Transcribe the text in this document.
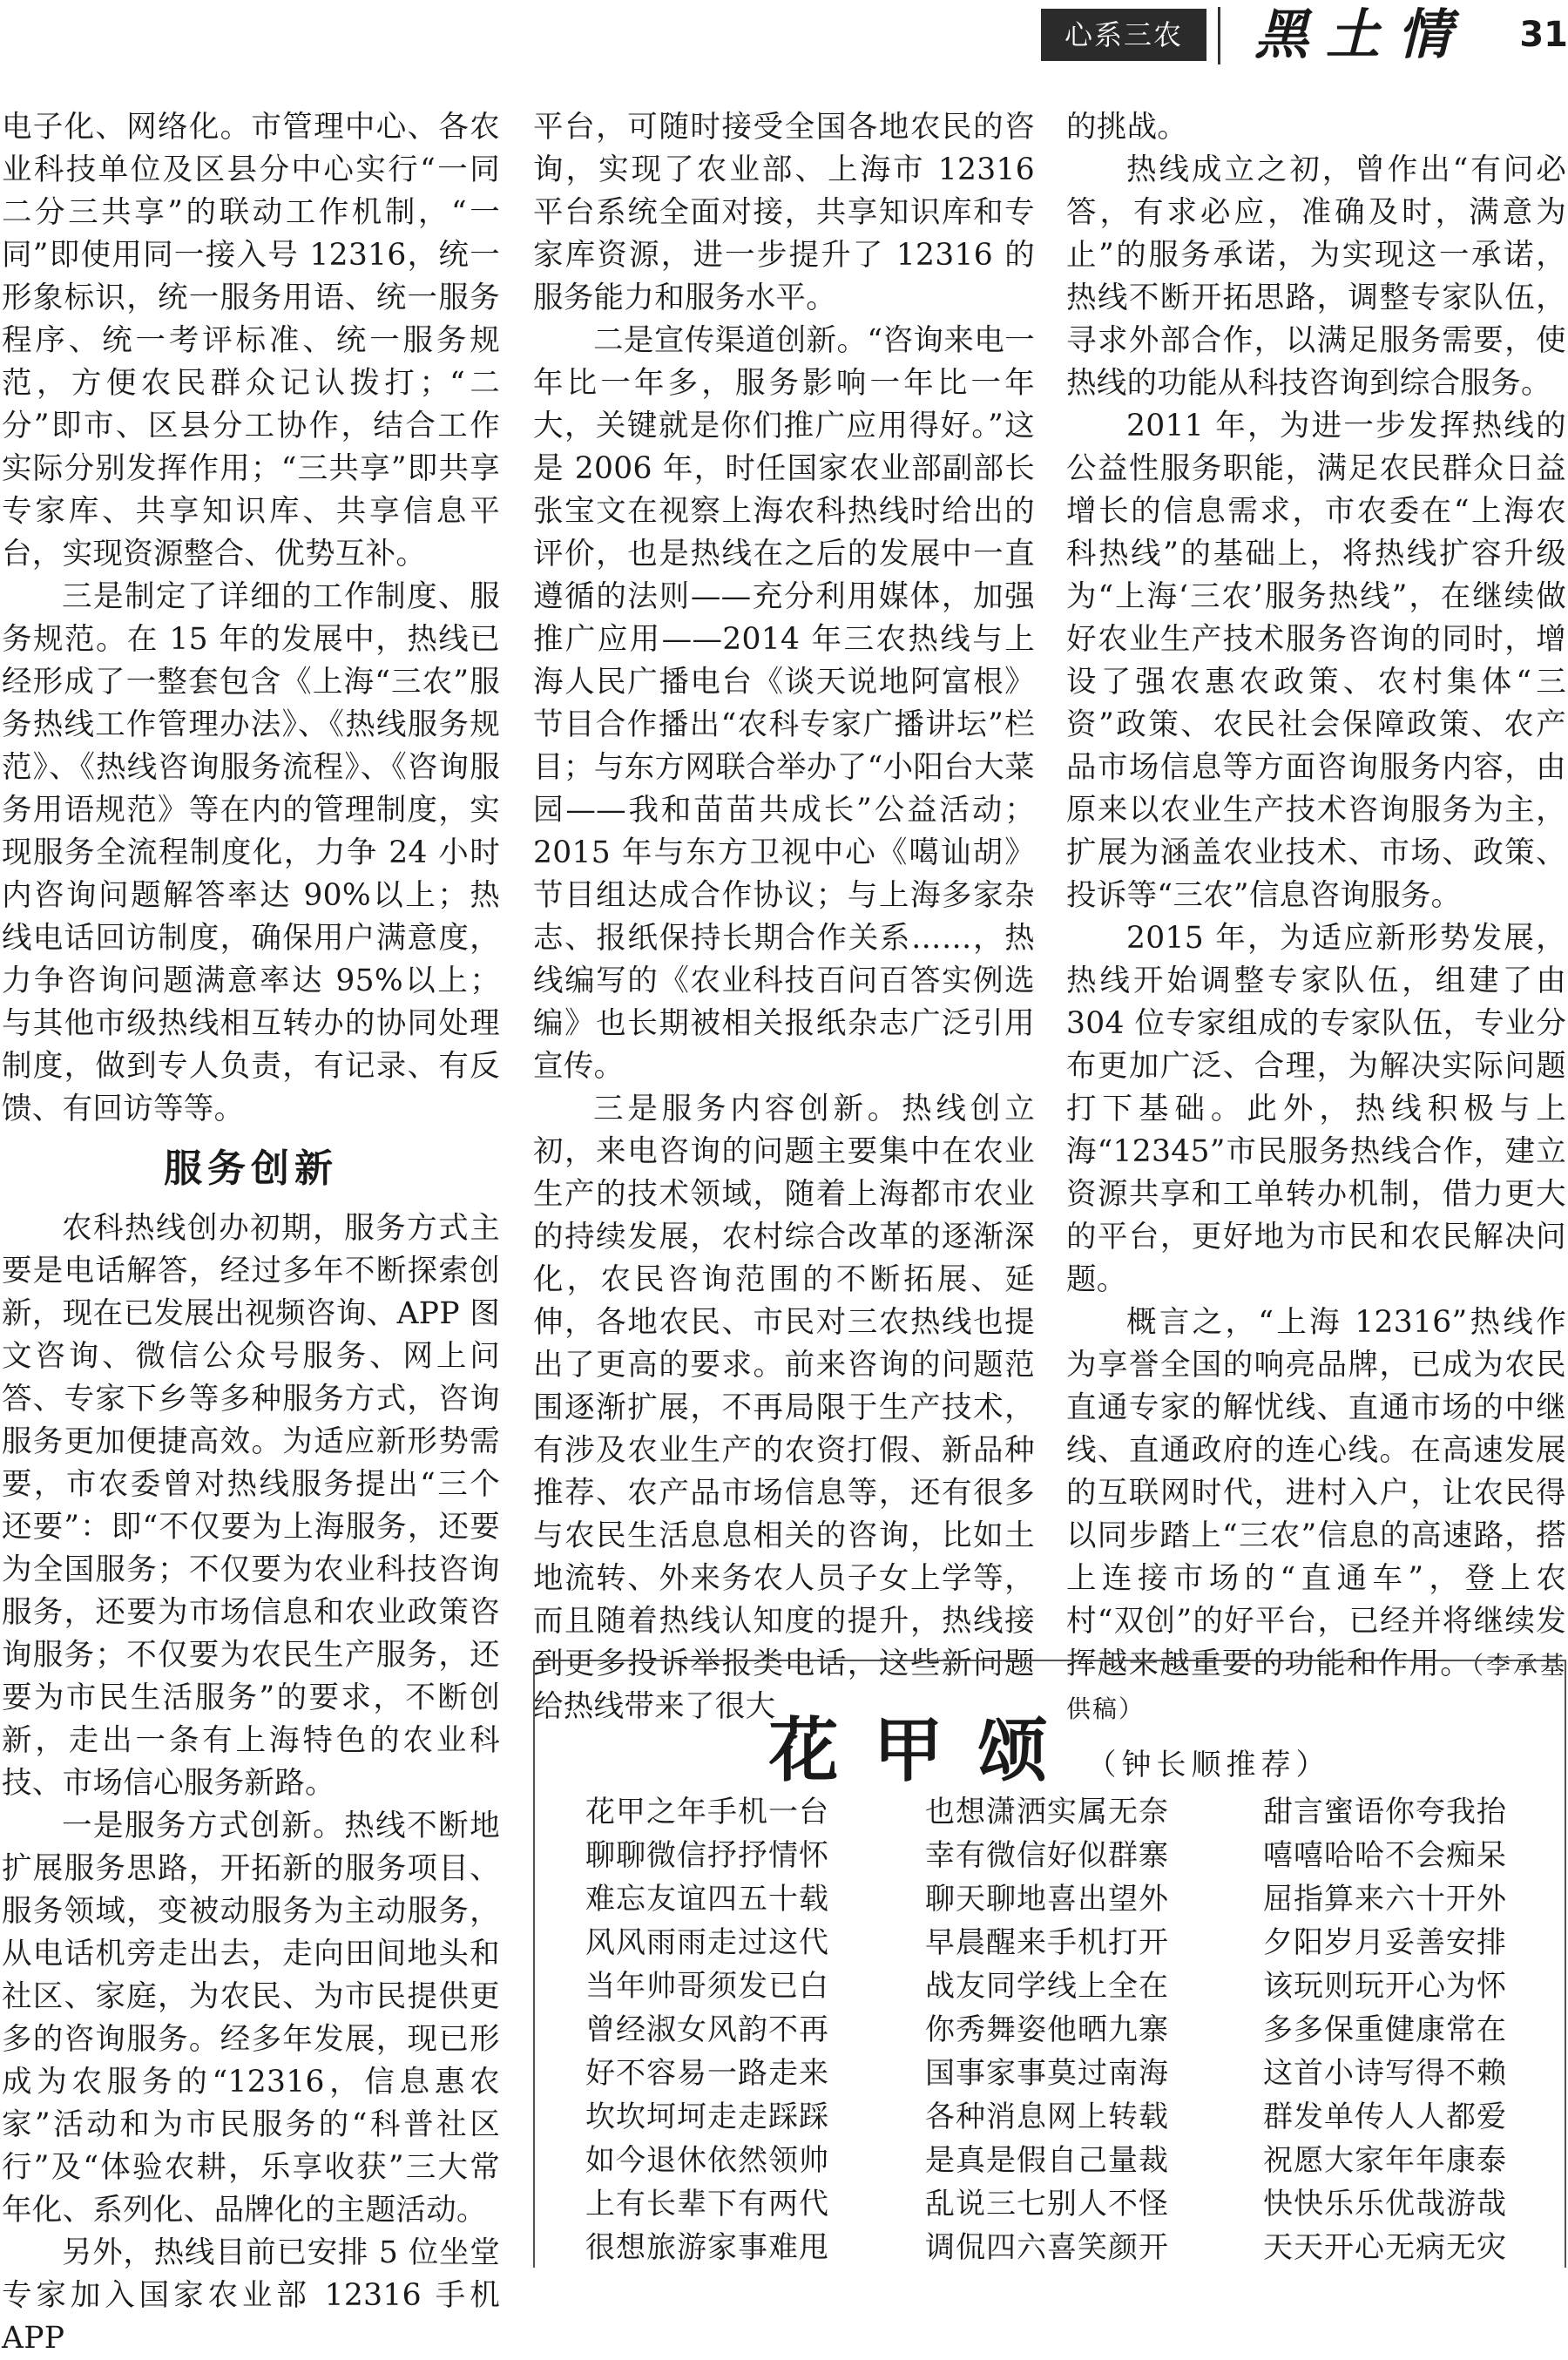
心系三农	黑土情 31

电子化、网络化。市管理中心、各农业科技单位及区县分中心实行“一同二分三共享”的联动工作机制，“一同”即使用同一接入号 12316，统一形象标识，统一服务用语、统一服务程序、统一考评标准、统一服务规范，方便农民群众记认拨打；“二分”即市、区县分工协作，结合工作实际分别发挥作用；“三共享”即共享专家库、共享知识库、共享信息平台，实现资源整合、优势互补。

三是制定了详细的工作制度、服务规范。在 15 年的发展中，热线已经形成了一整套包含《上海“三农”服务热线工作管理办法》、《热线服务规范》、《热线咨询服务流程》、《咨询服务用语规范》等在内的管理制度，实现服务全流程制度化，力争 24 小时内咨询问题解答率达 90%以上；热线电话回访制度，确保用户满意度，力争咨询问题满意率达 95%以上；与其他市级热线相互转办的协同处理制度，做到专人负责，有记录、有反馈、有回访等等。

服务创新

农科热线创办初期，服务方式主要是电话解答，经过多年不断探索创新，现在已发展出视频咨询、APP 图文咨询、微信公众号服务、网上问答、专家下乡等多种服务方式，咨询服务更加便捷高效。为适应新形势需要，市农委曾对热线服务提出“三个还要”：即“不仅要为上海服务，还要为全国服务；不仅要为农业科技咨询服务，还要为市场信息和农业政策咨询服务；不仅要为农民生产服务，还要为市民生活服务”的要求，不断创新，走出一条有上海特色的农业科技、市场信心服务新路。

一是服务方式创新。热线不断地扩展服务思路，开拓新的服务项目、服务领域，变被动服务为主动服务，从电话机旁走出去，走向田间地头和社区、家庭，为农民、为市民提供更多的咨询服务。经多年发展，现已形成为农服务的“12316，信息惠农家”活动和为市民服务的“科普社区行”及“体验农耕，乐享收获”三大常年化、系列化、品牌化的主题活动。

另外，热线目前已安排 5 位坐堂专家加入国家农业部 12316 手机 APP

平台，可随时接受全国各地农民的咨询，实现了农业部、上海市 12316 平台系统全面对接，共享知识库和专家库资源，进一步提升了 12316 的服务能力和服务水平。

二是宣传渠道创新。“咨询来电一年比一年多，服务影响一年比一年大，关键就是你们推广应用得好。”这是 2006 年，时任国家农业部副部长张宝文在视察上海农科热线时给出的评价，也是热线在之后的发展中一直遵循的法则——充分利用媒体，加强推广应用——2014 年三农热线与上海人民广播电台《谈天说地阿富根》节目合作播出“农科专家广播讲坛”栏目；与东方网联合举办了“小阳台大菜园——我和苗苗共成长”公益活动；2015 年与东方卫视中心《噶讪胡》节目组达成合作协议；与上海多家杂志、报纸保持长期合作关系……，热线编写的《农业科技百问百答实例选编》也长期被相关报纸杂志广泛引用宣传。

三是服务内容创新。热线创立初，来电咨询的问题主要集中在农业生产的技术领域，随着上海都市农业的持续发展，农村综合改革的逐渐深化，农民咨询范围的不断拓展、延伸，各地农民、市民对三农热线也提出了更高的要求。前来咨询的问题范围逐渐扩展，不再局限于生产技术，有涉及农业生产的农资打假、新品种推荐、农产品市场信息等，还有很多与农民生活息息相关的咨询，比如土地流转、外来务农人员子女上学等，而且随着热线认知度的提升，热线接到更多投诉举报类电话，这些新问题给热线带来了很大

的挑战。

热线成立之初，曾作出“有问必答，有求必应，准确及时，满意为止”的服务承诺，为实现这一承诺，热线不断开拓思路，调整专家队伍，寻求外部合作，以满足服务需要，使热线的功能从科技咨询到综合服务。

2011 年，为进一步发挥热线的公益性服务职能，满足农民群众日益增长的信息需求，市农委在“上海农科热线”的基础上，将热线扩容升级为“上海‘三农’服务热线”，在继续做好农业生产技术服务咨询的同时，增设了强农惠农政策、农村集体“三资”政策、农民社会保障政策、农产品市场信息等方面咨询服务内容，由原来以农业生产技术咨询服务为主，扩展为涵盖农业技术、市场、政策、投诉等“三农”信息咨询服务。

2015 年，为适应新形势发展，热线开始调整专家队伍，组建了由 304 位专家组成的专家队伍，专业分布更加广泛、合理，为解决实际问题打下基础。此外，热线积极与上海“12345”市民服务热线合作，建立资源共享和工单转办机制，借力更大的平台，更好地为市民和农民解决问题。

概言之，“上海 12316”热线作为享誉全国的响亮品牌，已成为农民直通专家的解忧线、直通市场的中继线、直通政府的连心线。在高速发展的互联网时代，进村入户，让农民得以同步踏上“三农”信息的高速路，搭上连接市场的“直通车”，登上农村“双创”的好平台，已经并将继续发挥越来越重要的功能和作用。（李承基供稿）

花甲颂 （钟长顺推荐）
花甲之年手机一台
聊聊微信抒抒情怀
难忘友谊四五十载
风风雨雨走过这代
当年帅哥须发已白
曾经淑女风韵不再
好不容易一路走来
坎坎坷坷走走踩踩
如今退休依然领帅
上有长辈下有两代
很想旅游家事难甩
也想潇洒实属无奈
幸有微信好似群寨
聊天聊地喜出望外
早晨醒来手机打开
战友同学线上全在
你秀舞姿他晒九寨
国事家事莫过南海
各种消息网上转载
是真是假自己量裁
乱说三七别人不怪
调侃四六喜笑颜开
甜言蜜语你夸我抬
嘻嘻哈哈不会痴呆
屈指算来六十开外
夕阳岁月妥善安排
该玩则玩开心为怀
多多保重健康常在
这首小诗写得不赖
群发单传人人都爱
祝愿大家年年康泰
快快乐乐优哉游哉
天天开心无病无灾
